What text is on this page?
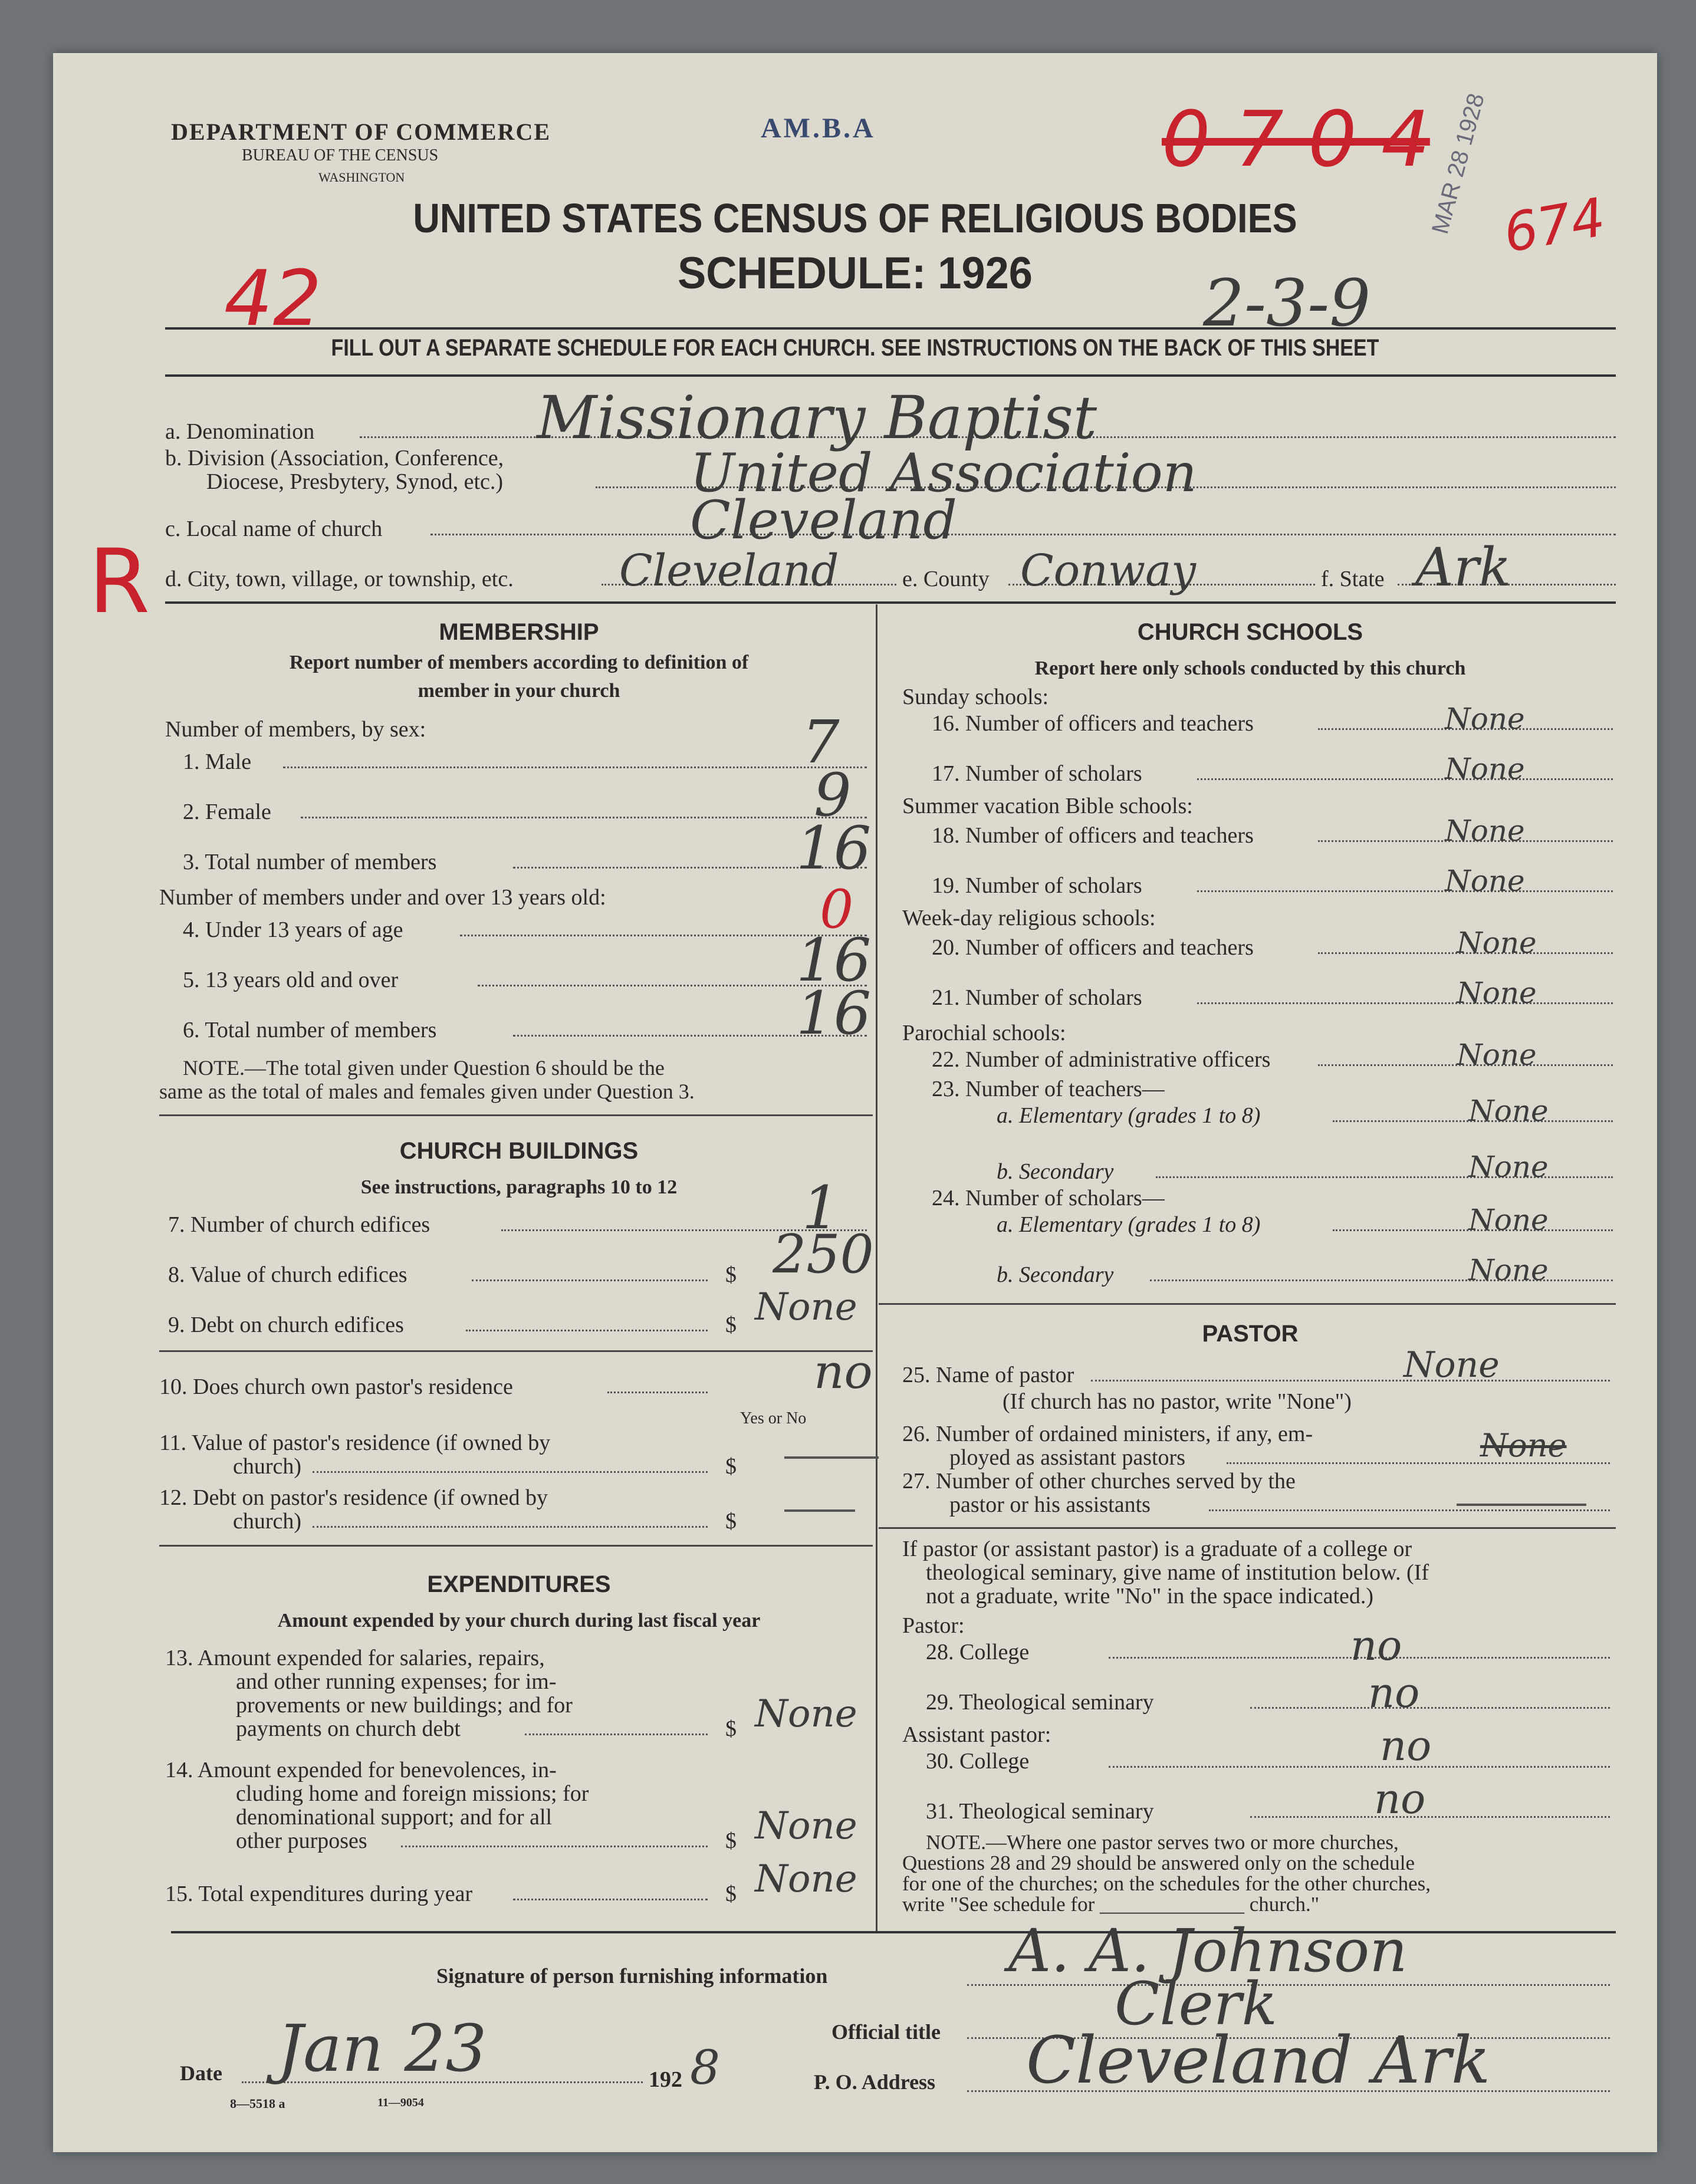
DEPARTMENT OF COMMERCE
BUREAU OF THE CENSUS
WASHINGTON
AM.B.A
UNITED STATES CENSUS OF RELIGIOUS BODIES
SCHEDULE: 1926
42
R
0 7 0 4
674
2-3-9
MAR 28 1928
FILL OUT A SEPARATE SCHEDULE FOR EACH CHURCH. SEE INSTRUCTIONS ON THE BACK OF THIS SHEET
a. Denomination	Missionary Baptist
b. Division (Association, Conference,
Diocese, Presbytery, Synod, etc.)	United Association
c. Local name of church	Cleveland
d. City, town, village, or township, etc. Cleveland	e. County Conway	f. State Ark
MEMBERSHIP
Report number of members according to definition of
member in your church
Number of members, by sex:
1. Male	7
2. Female	9
3. Total number of members	16
Number of members under and over 13 years old:
4. Under 13 years of age	0
5. 13 years old and over	16
6. Total number of members	16
NOTE.—The total given under Question 6 should be the
same as the total of males and females given under Question 3.
CHURCH BUILDINGS
See instructions, paragraphs 10 to 12
7. Number of church edifices	1
8. Value of church edifices	$ 250
9. Debt on church edifices	$ None
10. Does church own pastor's residence	no
Yes or No
11. Value of pastor's residence (if owned by
church)	$
12. Debt on pastor's residence (if owned by
church)	$
EXPENDITURES
Amount expended by your church during last fiscal year
13. Amount expended for salaries, repairs,
and other running expenses; for im-
provements or new buildings; and for
payments on church debt	$ None
14. Amount expended for benevolences, in-
cluding home and foreign missions; for
denominational support; and for all
other purposes	$ None
15. Total expenditures during year	$ None
CHURCH SCHOOLS
Report here only schools conducted by this church
Sunday schools:
16. Number of officers and teachers	None
17. Number of scholars	None
Summer vacation Bible schools:
18. Number of officers and teachers	None
19. Number of scholars	None
Week-day religious schools:
20. Number of officers and teachers	None
21. Number of scholars	None
Parochial schools:
22. Number of administrative officers	None
23. Number of teachers—
a. Elementary (grades 1 to 8)	None
b. Secondary	None
24. Number of scholars—
a. Elementary (grades 1 to 8)	None
b. Secondary	None
PASTOR
25. Name of pastor	None
(If church has no pastor, write "None")
26. Number of ordained ministers, if any, em-
ployed as assistant pastors	None
27. Number of other churches served by the
pastor or his assistants
If pastor (or assistant pastor) is a graduate of a college or
theological seminary, give name of institution below. (If
not a graduate, write "No" in the space indicated.)
Pastor:
28. College	no
29. Theological seminary	no
Assistant pastor:
30. College	no
31. Theological seminary	no
NOTE.—Where one pastor serves two or more churches,
Questions 28 and 29 should be answered only on the schedule
for one of the churches; on the schedules for the other churches,
write "See schedule for ______________ church."
Signature of person furnishing information	A. A. Johnson
Official title	Clerk
Date Jan 23	192 8	P. O. Address Cleveland Ark
8—5518 a	11—9054
